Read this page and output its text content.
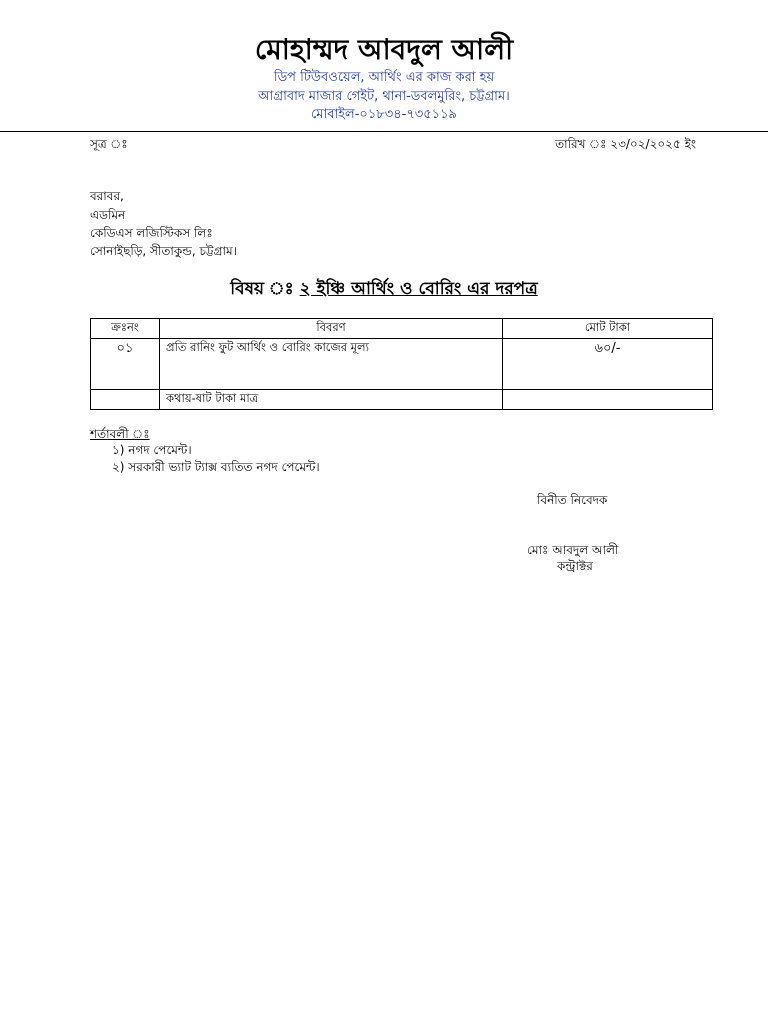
মোহাম্মদ আবদুল আলী
ডিপ টিউবওয়েল, আর্থিং এর কাজ করা হয়
আগ্রাবাদ মাজার গেইট, থানা-ডবলমুরিং, চট্টগ্রাম।
মোবাইল-০১৮৩৪-৭৩৫১১৯
সূত্র ঃ	তারিখ ঃ ২৩/০২/২০২৫ ইং
বরাবর,
এডমিন
কেডিএস লজিস্টিকস লিঃ
সোনাইছড়ি, সীতাকুন্ড, চট্টগ্রাম।
বিষয় ঃ ২ ইঞ্চি আর্থিং ও বোরিং এর দরপত্র
ক্রঃনং	বিবরণ	মোট টাকা
০১	প্রতি রানিং ফুট আর্থিং ও বোরিং কাজের মূল্য	৬০/-
	কথায়-ষাট টাকা মাত্র	
শর্তাবলী ঃ
১) নগদ পেমেন্ট।
২) সরকারী ভ্যাট ট্যাক্স ব্যতিত নগদ পেমেন্ট।
বিনীত নিবেদক
মোঃ আবদুল আলী
কন্ট্রাক্টর
